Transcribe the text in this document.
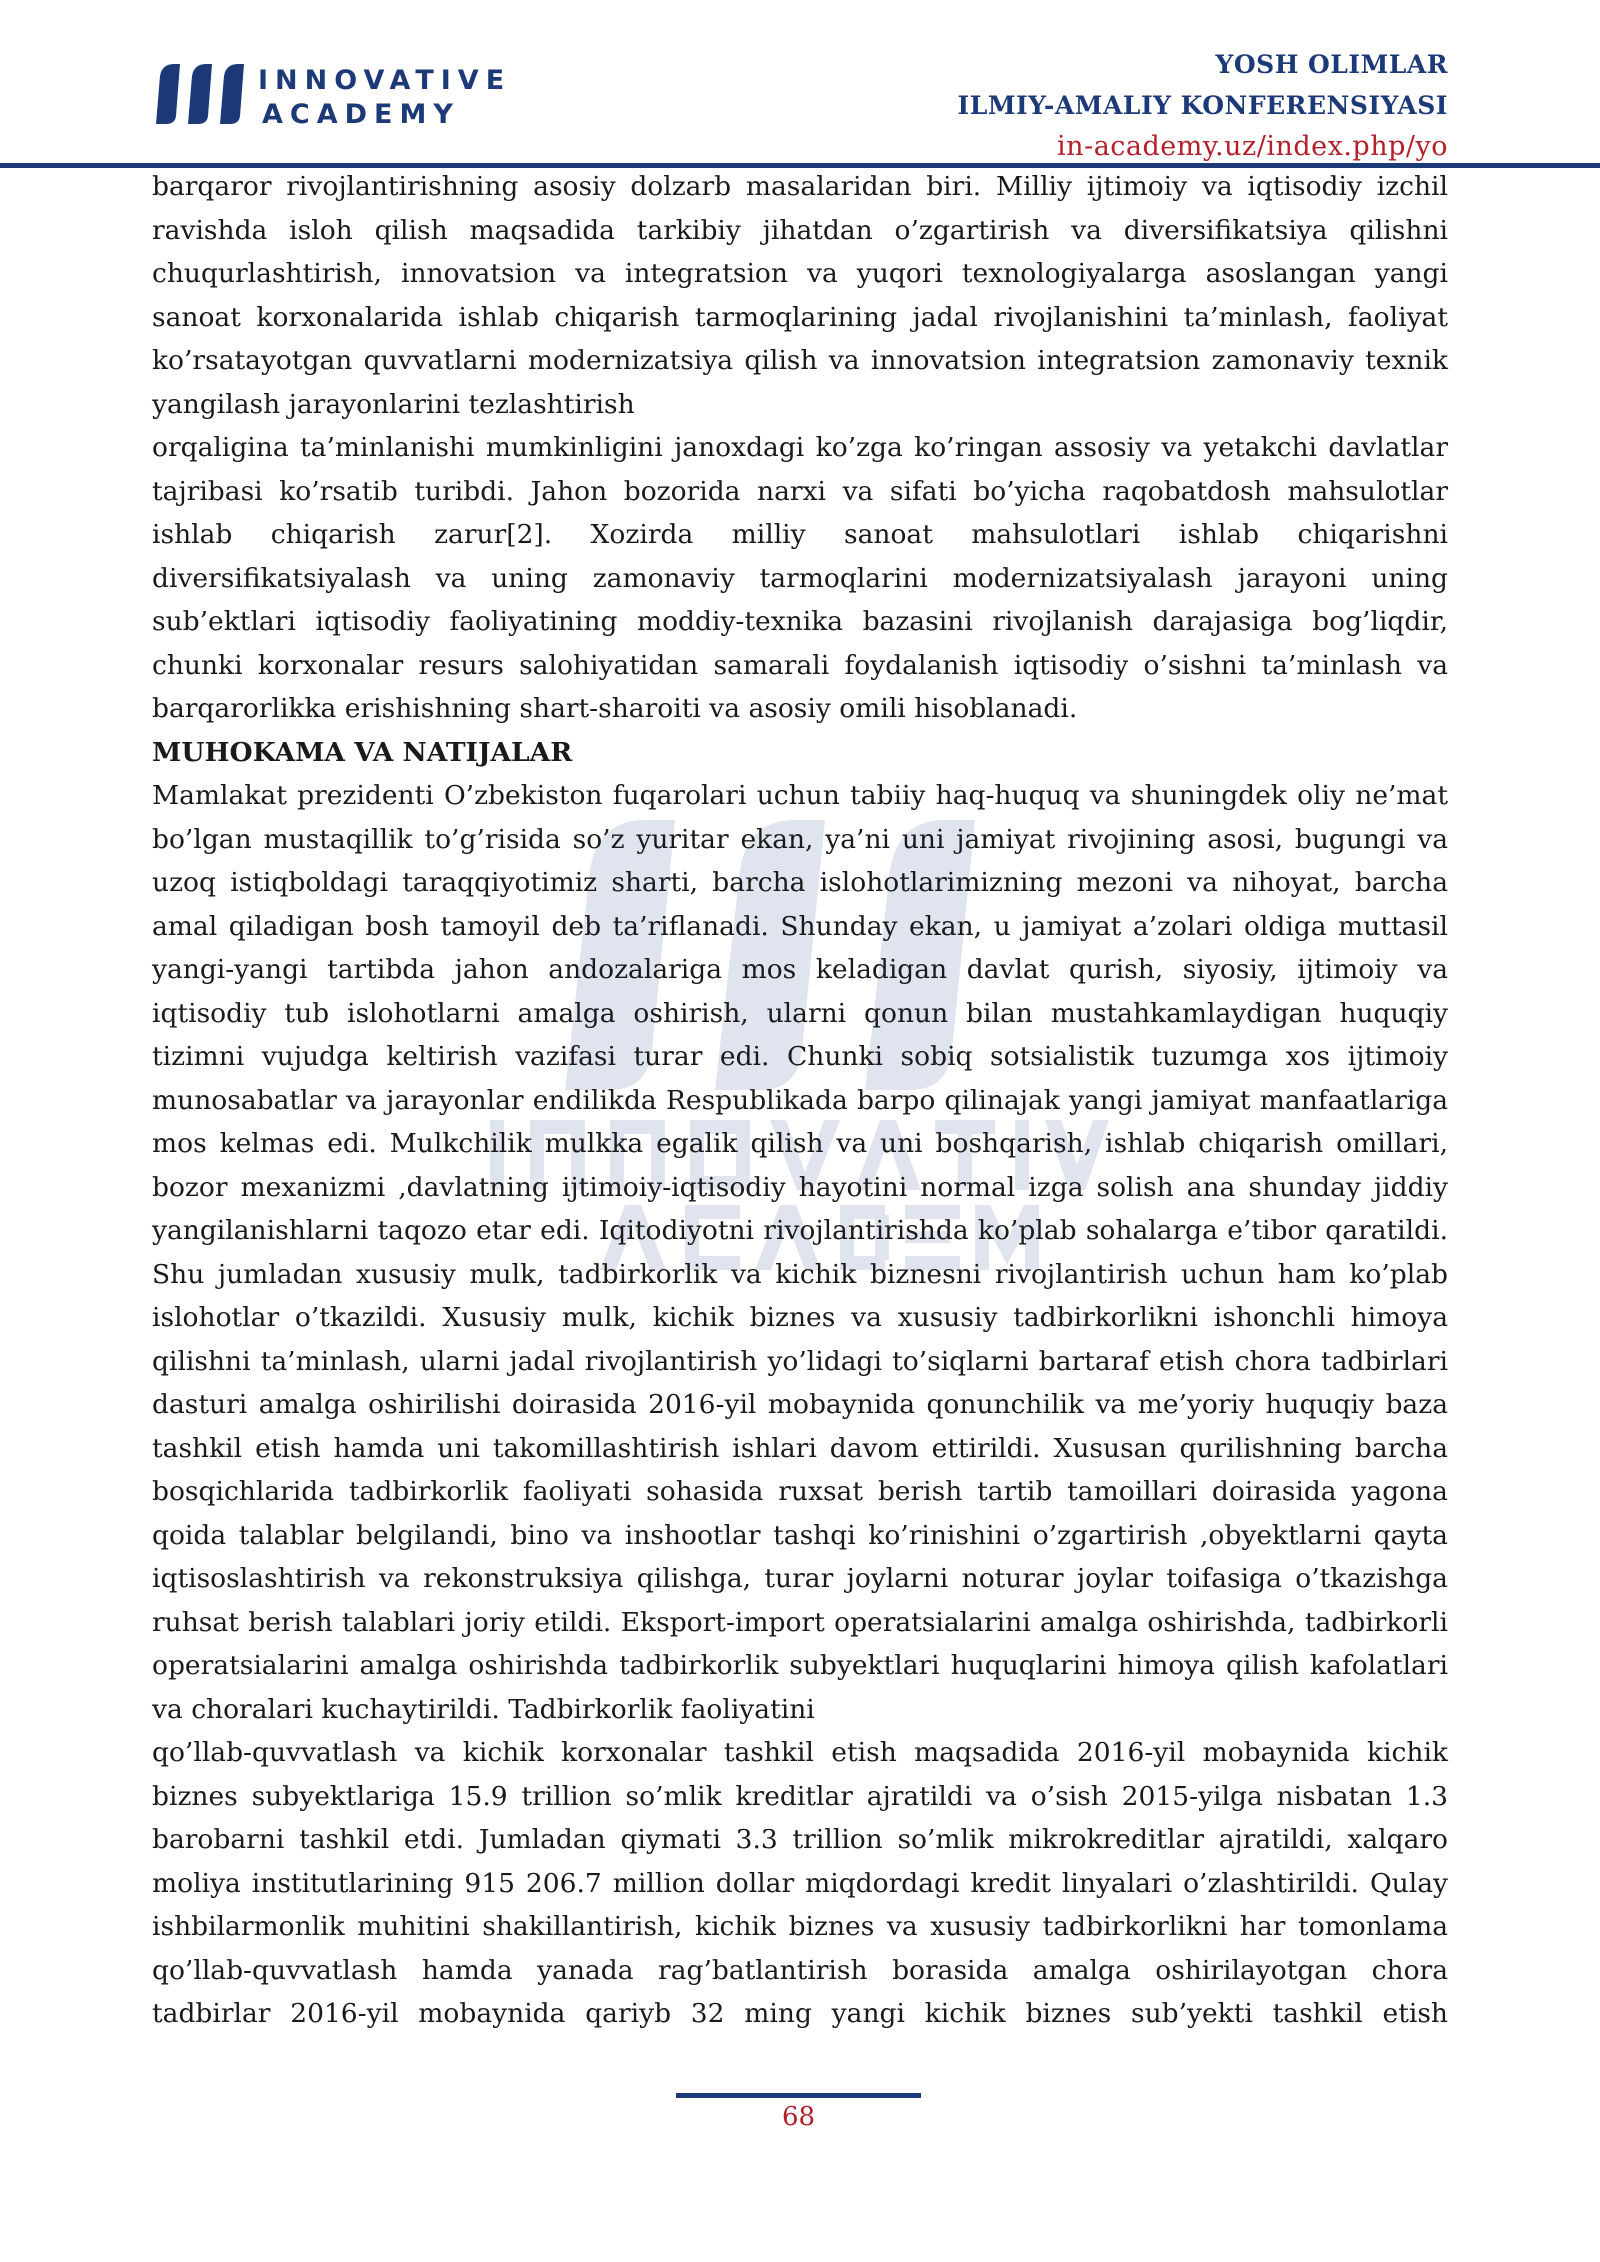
INNOVATIVE
ACADEMY
YOSH OLIMLAR
ILMIY-AMALIY KONFERENSIYASI
in-academy.uz/index.php/yo

barqaror rivojlantirishning asosiy dolzarb masalaridan biri. Milliy ijtimoiy va iqtisodiy izchil ravishda isloh qilish maqsadida tarkibiy jihatdan o’zgartirish va diversifikatsiya qilishni chuqurlashtirish, innovatsion va integratsion va yuqori texnologiyalarga asoslangan yangi sanoat korxonalarida ishlab chiqarish tarmoqlarining jadal rivojlanishini ta’minlash, faoliyat ko’rsatayotgan quvvatlarni modernizatsiya qilish va innovatsion integratsion zamonaviy texnik yangilash jarayonlarini tezlashtirish

orqaligina ta’minlanishi mumkinligini janoxdagi ko’zga ko’ringan assosiy va yetakchi davlatlar tajribasi ko’rsatib turibdi. Jahon bozorida narxi va sifati bo’yicha raqobatdosh mahsulotlar ishlab chiqarish zarur[2]. Xozirda milliy sanoat mahsulotlari ishlab chiqarishni diversifikatsiyalash va uning zamonaviy tarmoqlarini modernizatsiyalash jarayoni uning sub’ektlari iqtisodiy faoliyatining moddiy-texnika bazasini rivojlanish darajasiga bog’liqdir, chunki korxonalar resurs salohiyatidan samarali foydalanish iqtisodiy o’sishni ta’minlash va barqarorlikka erishishning shart-sharoiti va asosiy omili hisoblanadi.

MUHOKAMA VA NATIJALAR

Mamlakat prezidenti O’zbekiston fuqarolari uchun tabiiy haq-huquq va shuningdek oliy ne’mat bo’lgan mustaqillik to’g’risida so’z yuritar ekan, ya’ni uni jamiyat rivojining asosi, bugungi va uzoq istiqboldagi taraqqiyotimiz sharti, barcha islohotlarimizning mezoni va nihoyat, barcha amal qiladigan bosh tamoyil deb ta’riflanadi. Shunday ekan, u jamiyat a’zolari oldiga muttasil yangi-yangi tartibda jahon andozalariga mos keladigan davlat qurish, siyosiy, ijtimoiy va iqtisodiy tub islohotlarni amalga oshirish, ularni qonun bilan mustahkamlaydigan huquqiy tizimni vujudga keltirish vazifasi turar edi. Chunki sobiq sotsialistik tuzumga xos ijtimoiy munosabatlar va jarayonlar endilikda Respublikada barpo qilinajak yangi jamiyat manfaatlariga mos kelmas edi. Mulkchilik mulkka egalik qilish va uni boshqarish, ishlab chiqarish omillari, bozor mexanizmi ,davlatning ijtimoiy-iqtisodiy hayotini normal izga solish ana shunday jiddiy yangilanishlarni taqozo etar edi. Iqitodiyotni rivojlantirishda ko’plab sohalarga e’tibor qaratildi. Shu jumladan xususiy mulk, tadbirkorlik va kichik biznesni rivojlantirish uchun ham ko’plab islohotlar o’tkazildi. Xususiy mulk, kichik biznes va xususiy tadbirkorlikni ishonchli himoya qilishni ta’minlash, ularni jadal rivojlantirish yo’lidagi to’siqlarni bartaraf etish chora tadbirlari dasturi amalga oshirilishi doirasida 2016-yil mobaynida qonunchilik va me’yoriy huquqiy baza tashkil etish hamda uni takomillashtirish ishlari davom ettirildi. Xususan qurilishning barcha bosqichlarida tadbirkorlik faoliyati sohasida ruxsat berish tartib tamoillari doirasida yagona qoida talablar belgilandi, bino va inshootlar tashqi ko’rinishini o’zgartirish ,obyektlarni qayta iqtisoslashtirish va rekonstruksiya qilishga, turar joylarni noturar joylar toifasiga o’tkazishga ruhsat berish talablari joriy etildi. Eksport-import operatsialarini amalga oshirishda, tadbirkorli operatsialarini amalga oshirishda tadbirkorlik subyektlari huquqlarini himoya qilish kafolatlari va choralari kuchaytirildi. Tadbirkorlik faoliyatini

qo’llab-quvvatlash va kichik korxonalar tashkil etish maqsadida 2016-yil mobaynida kichik biznes subyektlariga 15.9 trillion so’mlik kreditlar ajratildi va o’sish 2015-yilga nisbatan 1.3 barobarni tashkil etdi. Jumladan qiymati 3.3 trillion so’mlik mikrokreditlar ajratildi, xalqaro moliya institutlarining 915 206.7 million dollar miqdordagi kredit linyalari o’zlashtirildi. Qulay ishbilarmonlik muhitini shakillantirish, kichik biznes va xususiy tadbirkorlikni har tomonlama qo’llab-quvvatlash hamda yanada rag’batlantirish borasida amalga oshirilayotgan chora tadbirlar 2016-yil mobaynida qariyb 32 ming yangi kichik biznes sub’yekti tashkil etish

68
